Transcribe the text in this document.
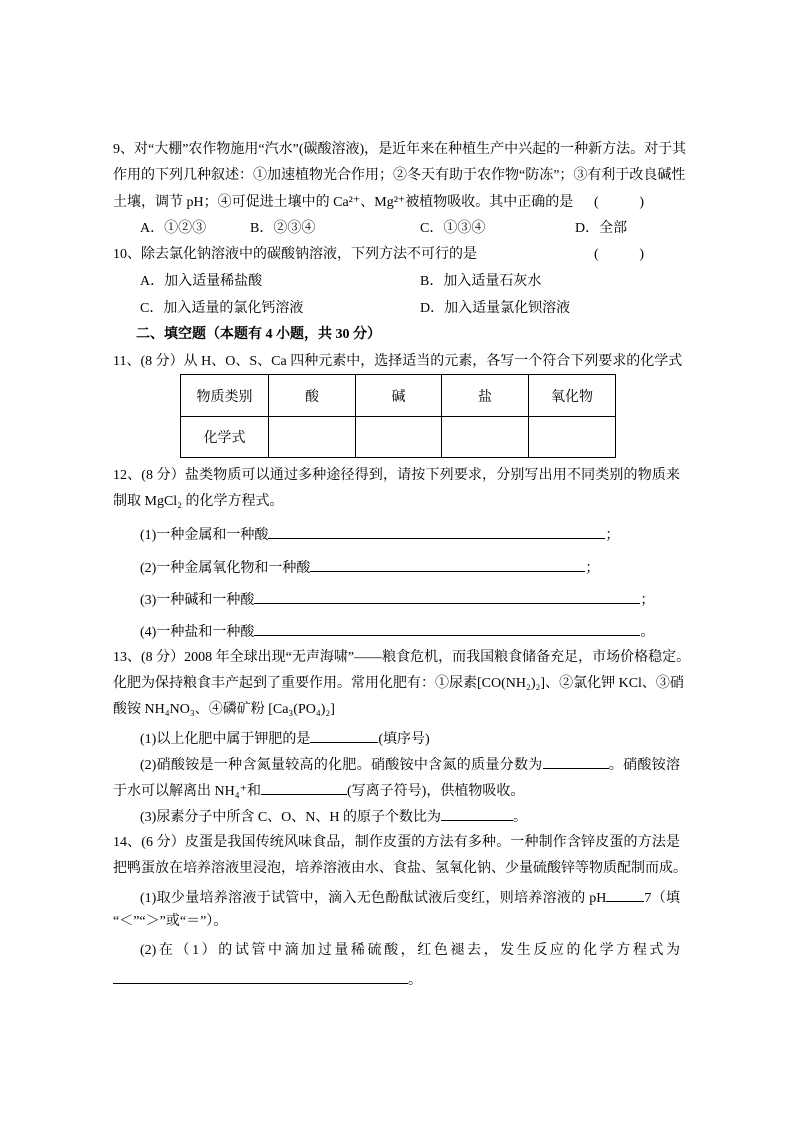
9、对“大棚”农作物施用“汽水”(碳酸溶液)，是近年来在种植生产中兴起的一种新方法。对于其
作用的下列几种叙述：①加速植物光合作用；②冬天有助于农作物“防冻”；③有利于改良碱性
土壤，调节 pH；④可促进土壤中的 Ca²⁺、Mg²⁺被植物吸收。其中正确的是 (	)
A．①②③	B．②③④	C．①③④	D．全部
10、除去氯化钠溶液中的碳酸钠溶液，下列方法不可行的是	(	)
A．加入适量稀盐酸	B．加入适量石灰水
C．加入适量的氯化钙溶液	D．加入适量氯化钡溶液
二、填空题（本题有 4 小题，共 30 分）
11、(8 分）从 H、O、S、Ca 四种元素中，选择适当的元素，各写一个符合下列要求的化学式
物质类别	酸	碱	盐	氧化物
化学式				
12、(8 分）盐类物质可以通过多种途径得到，请按下列要求，分别写出用不同类别的物质来
制取 MgCl₂ 的化学方程式。
(1)一种金属和一种酸	；
(2)一种金属氧化物和一种酸	；
(3)一种碱和一种酸	；
(4)一种盐和一种酸	。
13、(8 分）2008 年全球出现“无声海啸”——粮食危机，而我国粮食储备充足，市场价格稳定。
化肥为保持粮食丰产起到了重要作用。常用化肥有：①尿素[CO(NH₂)₂]、②氯化钾 KCl、③硝
酸铵 NH₄NO₃、④磷矿粉 [Ca₃(PO₄)₂]
(1)以上化肥中属于钾肥的是	(填序号)
(2)硝酸铵是一种含氮量较高的化肥。硝酸铵中含氮的质量分数为	。硝酸铵溶
于水可以解离出 NH₄⁺和	(写离子符号)，供植物吸收。
(3)尿素分子中所含 C、O、N、H 的原子个数比为	。
14、(6 分）皮蛋是我国传统风味食品，制作皮蛋的方法有多种。一种制作含锌皮蛋的方法是
把鸭蛋放在培养溶液里浸泡，培养溶液由水、食盐、氢氧化钠、少量硫酸锌等物质配制而成。
(1)取少量培养溶液于试管中，滴入无色酚酞试液后变红，则培养溶液的 pH	7（填
“＜”“＞”或“＝”）。
(2)在（1）的试管中滴加过量稀硫酸，红色褪去，发生反应的化学方程式为
。
